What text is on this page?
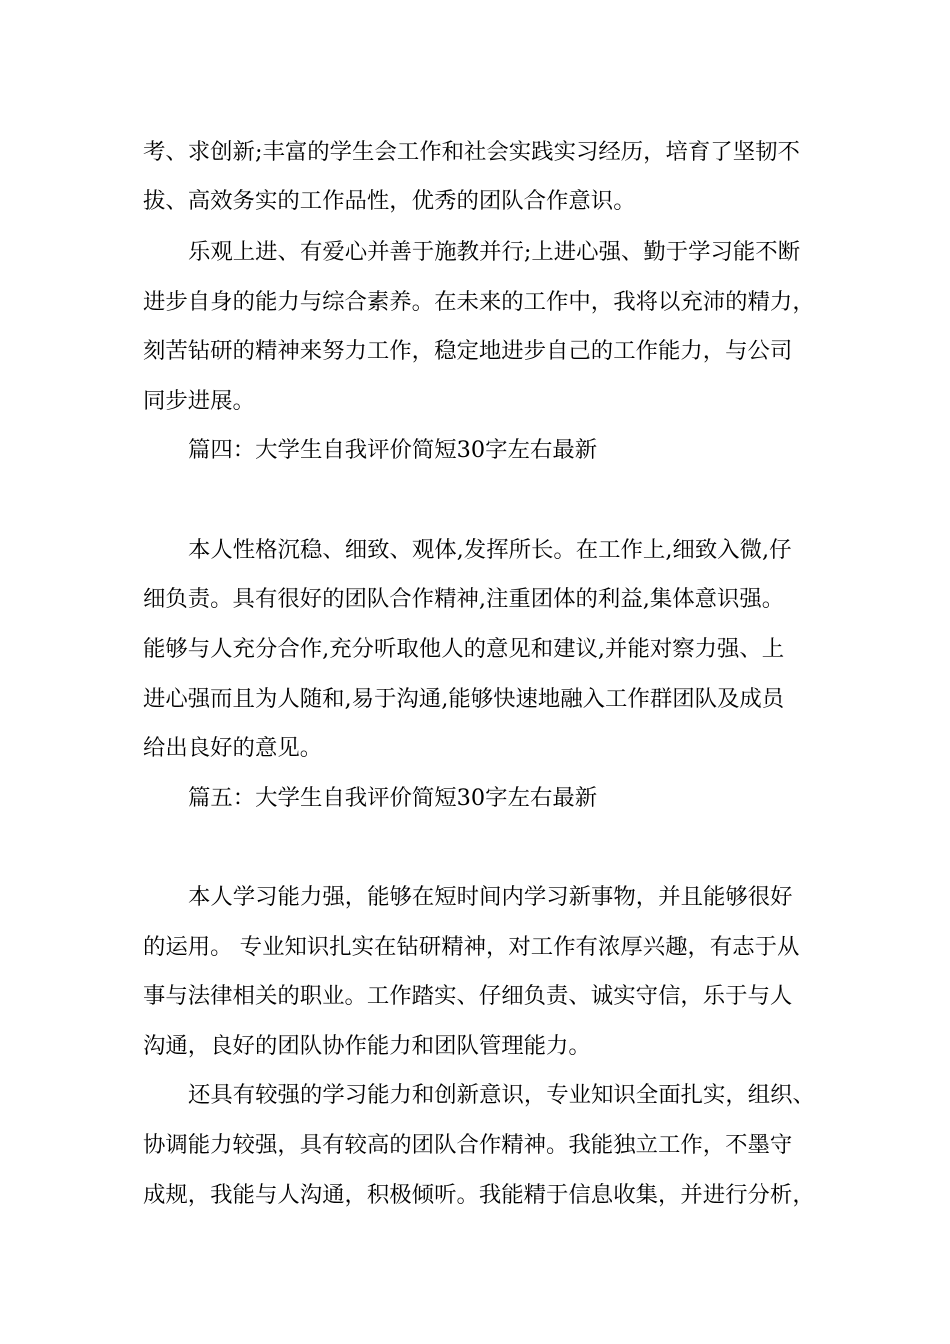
考、求创新;丰富的学生会工作和社会实践实习经历，培育了坚韧不
拔、高效务实的工作品性，优秀的团队合作意识。
乐观上进、有爱心并善于施教并行;上进心强、勤于学习能不断
进步自身的能力与综合素养。在未来的工作中，我将以充沛的精力，
刻苦钻研的精神来努力工作，稳定地进步自己的工作能力，与公司
同步进展。
篇四：大学生自我评价简短30字左右最新
本人性格沉稳、细致、观体,发挥所长。在工作上,细致入微,仔
细负责。具有很好的团队合作精神,注重团体的利益,集体意识强。
能够与人充分合作,充分听取他人的意见和建议,并能对察力强、上
进心强而且为人随和,易于沟通,能够快速地融入工作群团队及成员
给出良好的意见。
篇五：大学生自我评价简短30字左右最新
本人学习能力强，能够在短时间内学习新事物，并且能够很好
的运用。 专业知识扎实在钻研精神，对工作有浓厚兴趣，有志于从
事与法律相关的职业。工作踏实、仔细负责、诚实守信，乐于与人
沟通，良好的团队协作能力和团队管理能力。
还具有较强的学习能力和创新意识，专业知识全面扎实，组织、
协调能力较强，具有较高的团队合作精神。我能独立工作，不墨守
成规，我能与人沟通，积极倾听。我能精于信息收集，并进行分析，
